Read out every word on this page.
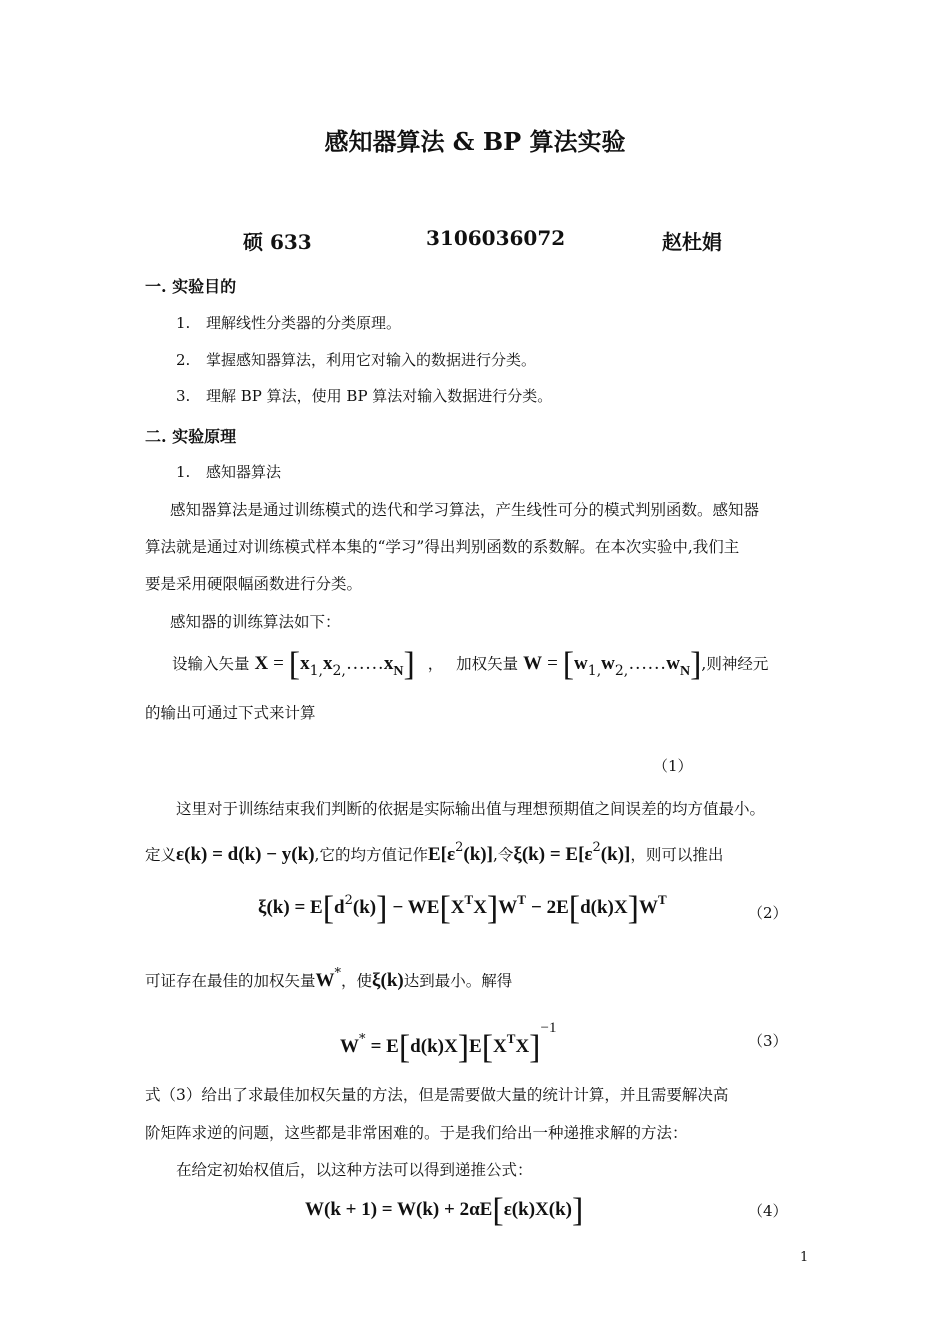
感知器算法 & BP 算法实验
硕 633	3106036072	赵杜娟
一. 实验目的
1. 理解线性分类器的分类原理。
2. 掌握感知器算法，利用它对输入的数据进行分类。
3. 理解 BP 算法，使用 BP 算法对输入数据进行分类。
二. 实验原理
1. 感知器算法
感知器算法是通过训练模式的迭代和学习算法，产生线性可分的模式判别函数。感知器
算法就是通过对训练模式样本集的“学习”得出判别函数的系数解。在本次实验中,我们主
要是采用硬限幅函数进行分类。
感知器的训练算法如下：
设输入矢量 X = [x1,x2,……xN] ， 加权矢量 W = [w1,w2,……wN],则神经元
的输出可通过下式来计算
（1）
这里对于训练结束我们判断的依据是实际输出值与理想预期值之间误差的均方值最小。
定义ε(k) = d(k) − y(k),它的均方值记作$E[\varepsilon^2(k)]$,令$\xi(k) = E[\varepsilon^2(k)]$，则可以推出
$\xi(k) = E[d^2(k)] - WE[X^TX]W^T - 2E[d(k)X]W^T$
（2）
可证存在最佳的加权矢量W*，使ξ(k)达到最小。解得
$W^* = E[d(k)X]E[X^TX]-1$
（3）
式（3）给出了求最佳加权矢量的方法，但是需要做大量的统计计算，并且需要解决高
阶矩阵求逆的问题，这些都是非常困难的。于是我们给出一种递推求解的方法：
在给定初始权值后，以这种方法可以得到递推公式：
W(k + 1) = W(k) + 2αE[ε(k)X(k)]	（4）
1
